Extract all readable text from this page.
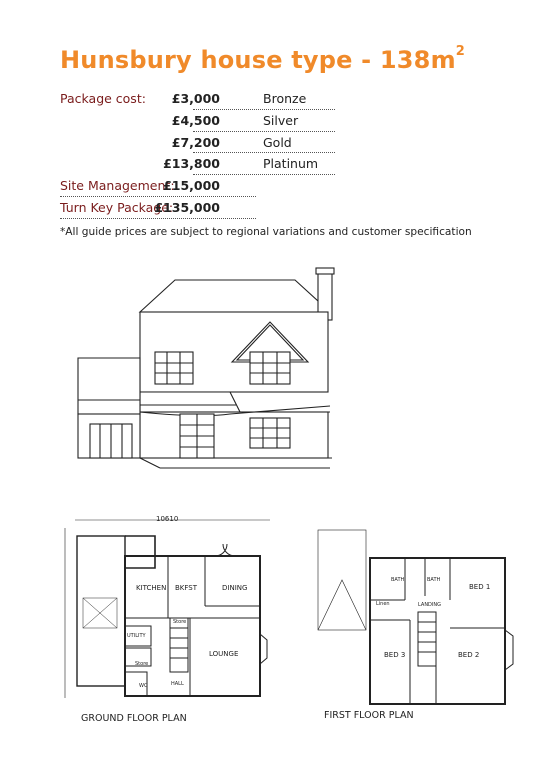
Hunsbury house type - $138m^2$
Package cost: £3,000	Bronze
£4,500	Silver
£7,200	Gold
£13,800	Platinum
Site Management:
£15,000
Turn Key Package:
£135,000
*All guide prices are subject to regional variations and customer specification
10610
KITCHEN BKFST	DINING
LOUNGE
UTILITY
Store
Store
HALL
WC
GROUND FLOOR PLAN
BATH	BATH
BED 1
BED 2
BED 3
Linen	LANDING
FIRST FLOOR PLAN
